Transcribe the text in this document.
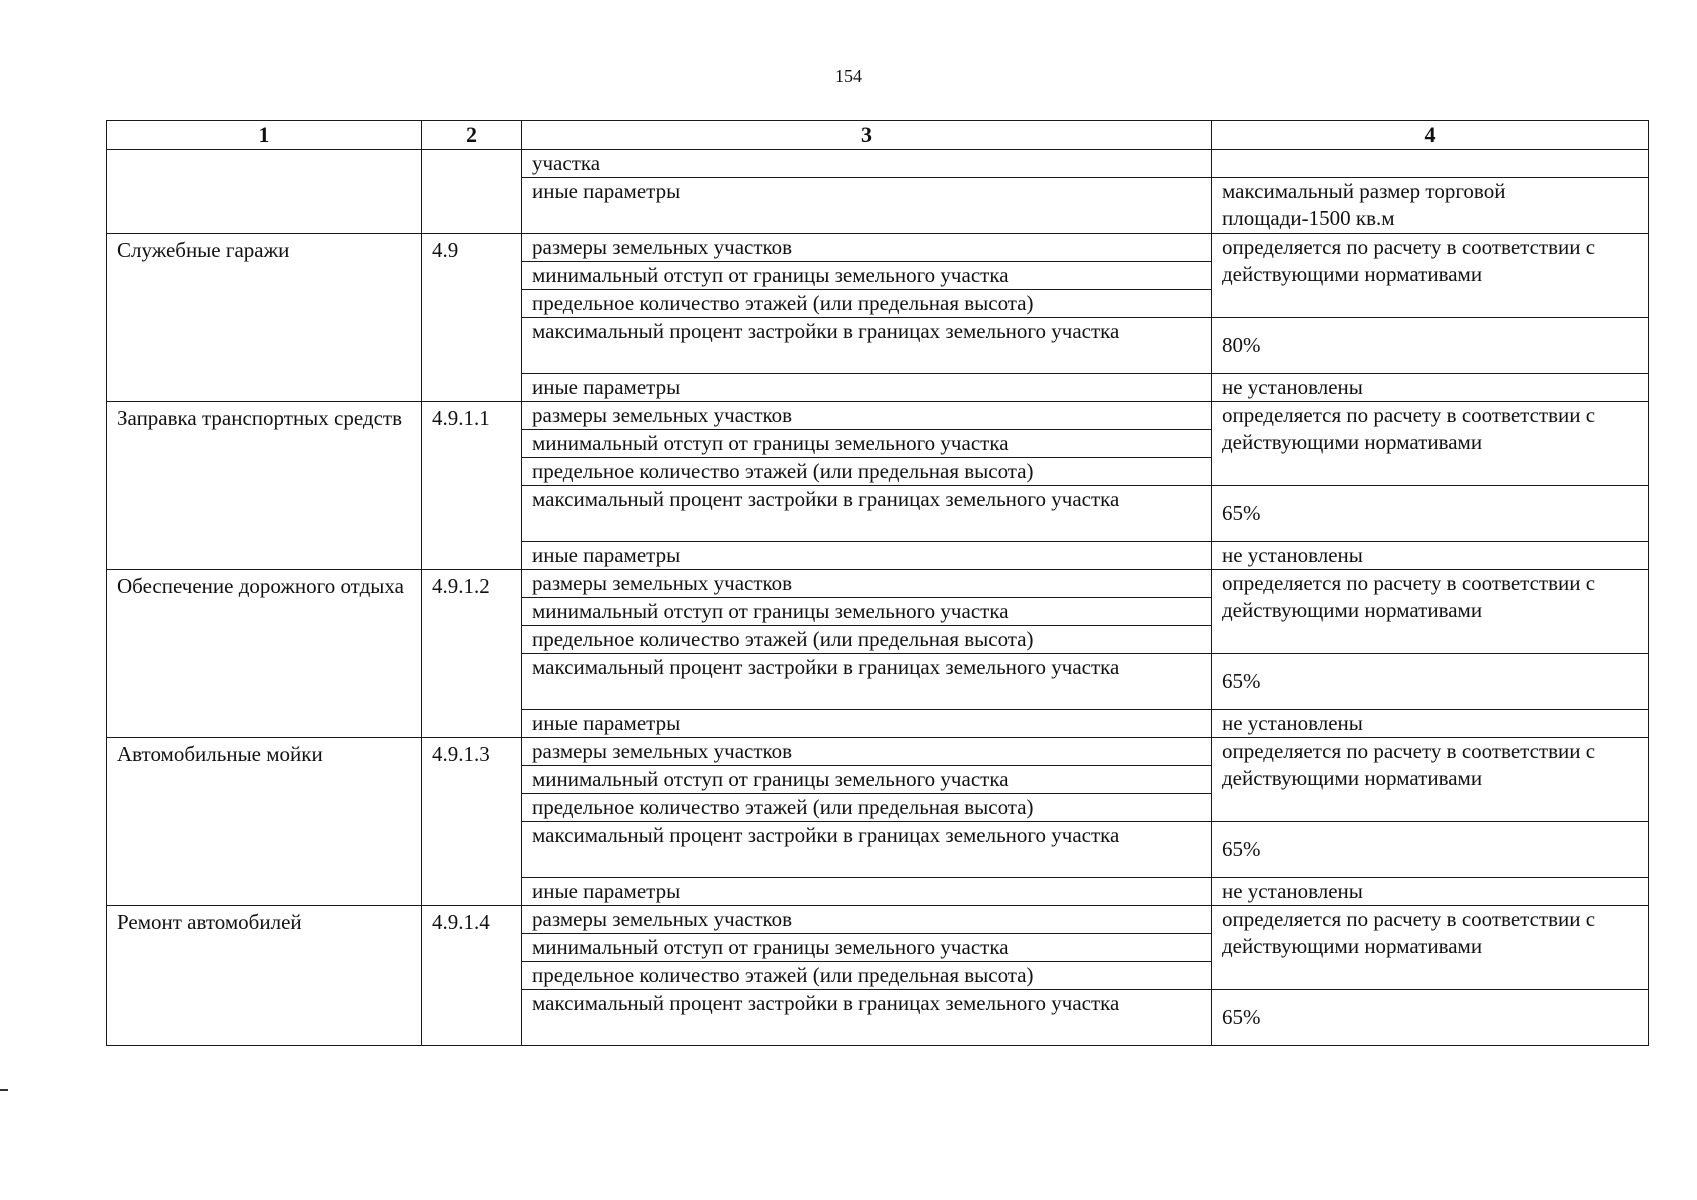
154
1	2	3	4
		участка	
		иные параметры	максимальный размер торговой площади-1500 кв.м
Служебные гаражи	4.9	размеры земельных участков	определяется по расчету в соответствии с действующими нормативами
		минимальный отступ от границы земельного участка	
		предельное количество этажей (или предельная высота)	
		максимальный процент застройки в границах земельного участка	80%
		иные параметры	не установлены
Заправка транспортных средств	4.9.1.1	размеры земельных участков	определяется по расчету в соответствии с действующими нормативами
		минимальный отступ от границы земельного участка	
		предельное количество этажей (или предельная высота)	
		максимальный процент застройки в границах земельного участка	65%
		иные параметры	не установлены
Обеспечение дорожного отдыха	4.9.1.2	размеры земельных участков	определяется по расчету в соответствии с действующими нормативами
		минимальный отступ от границы земельного участка	
		предельное количество этажей (или предельная высота)	
		максимальный процент застройки в границах земельного участка	65%
		иные параметры	не установлены
Автомобильные мойки	4.9.1.3	размеры земельных участков	определяется по расчету в соответствии с действующими нормативами
		минимальный отступ от границы земельного участка	
		предельное количество этажей (или предельная высота)	
		максимальный процент застройки в границах земельного участка	65%
		иные параметры	не установлены
Ремонт автомобилей	4.9.1.4	размеры земельных участков	определяется по расчету в соответствии с действующими нормативами
		минимальный отступ от границы земельного участка	
		предельное количество этажей (или предельная высота)	
		максимальный процент застройки в границах земельного участка	65%
